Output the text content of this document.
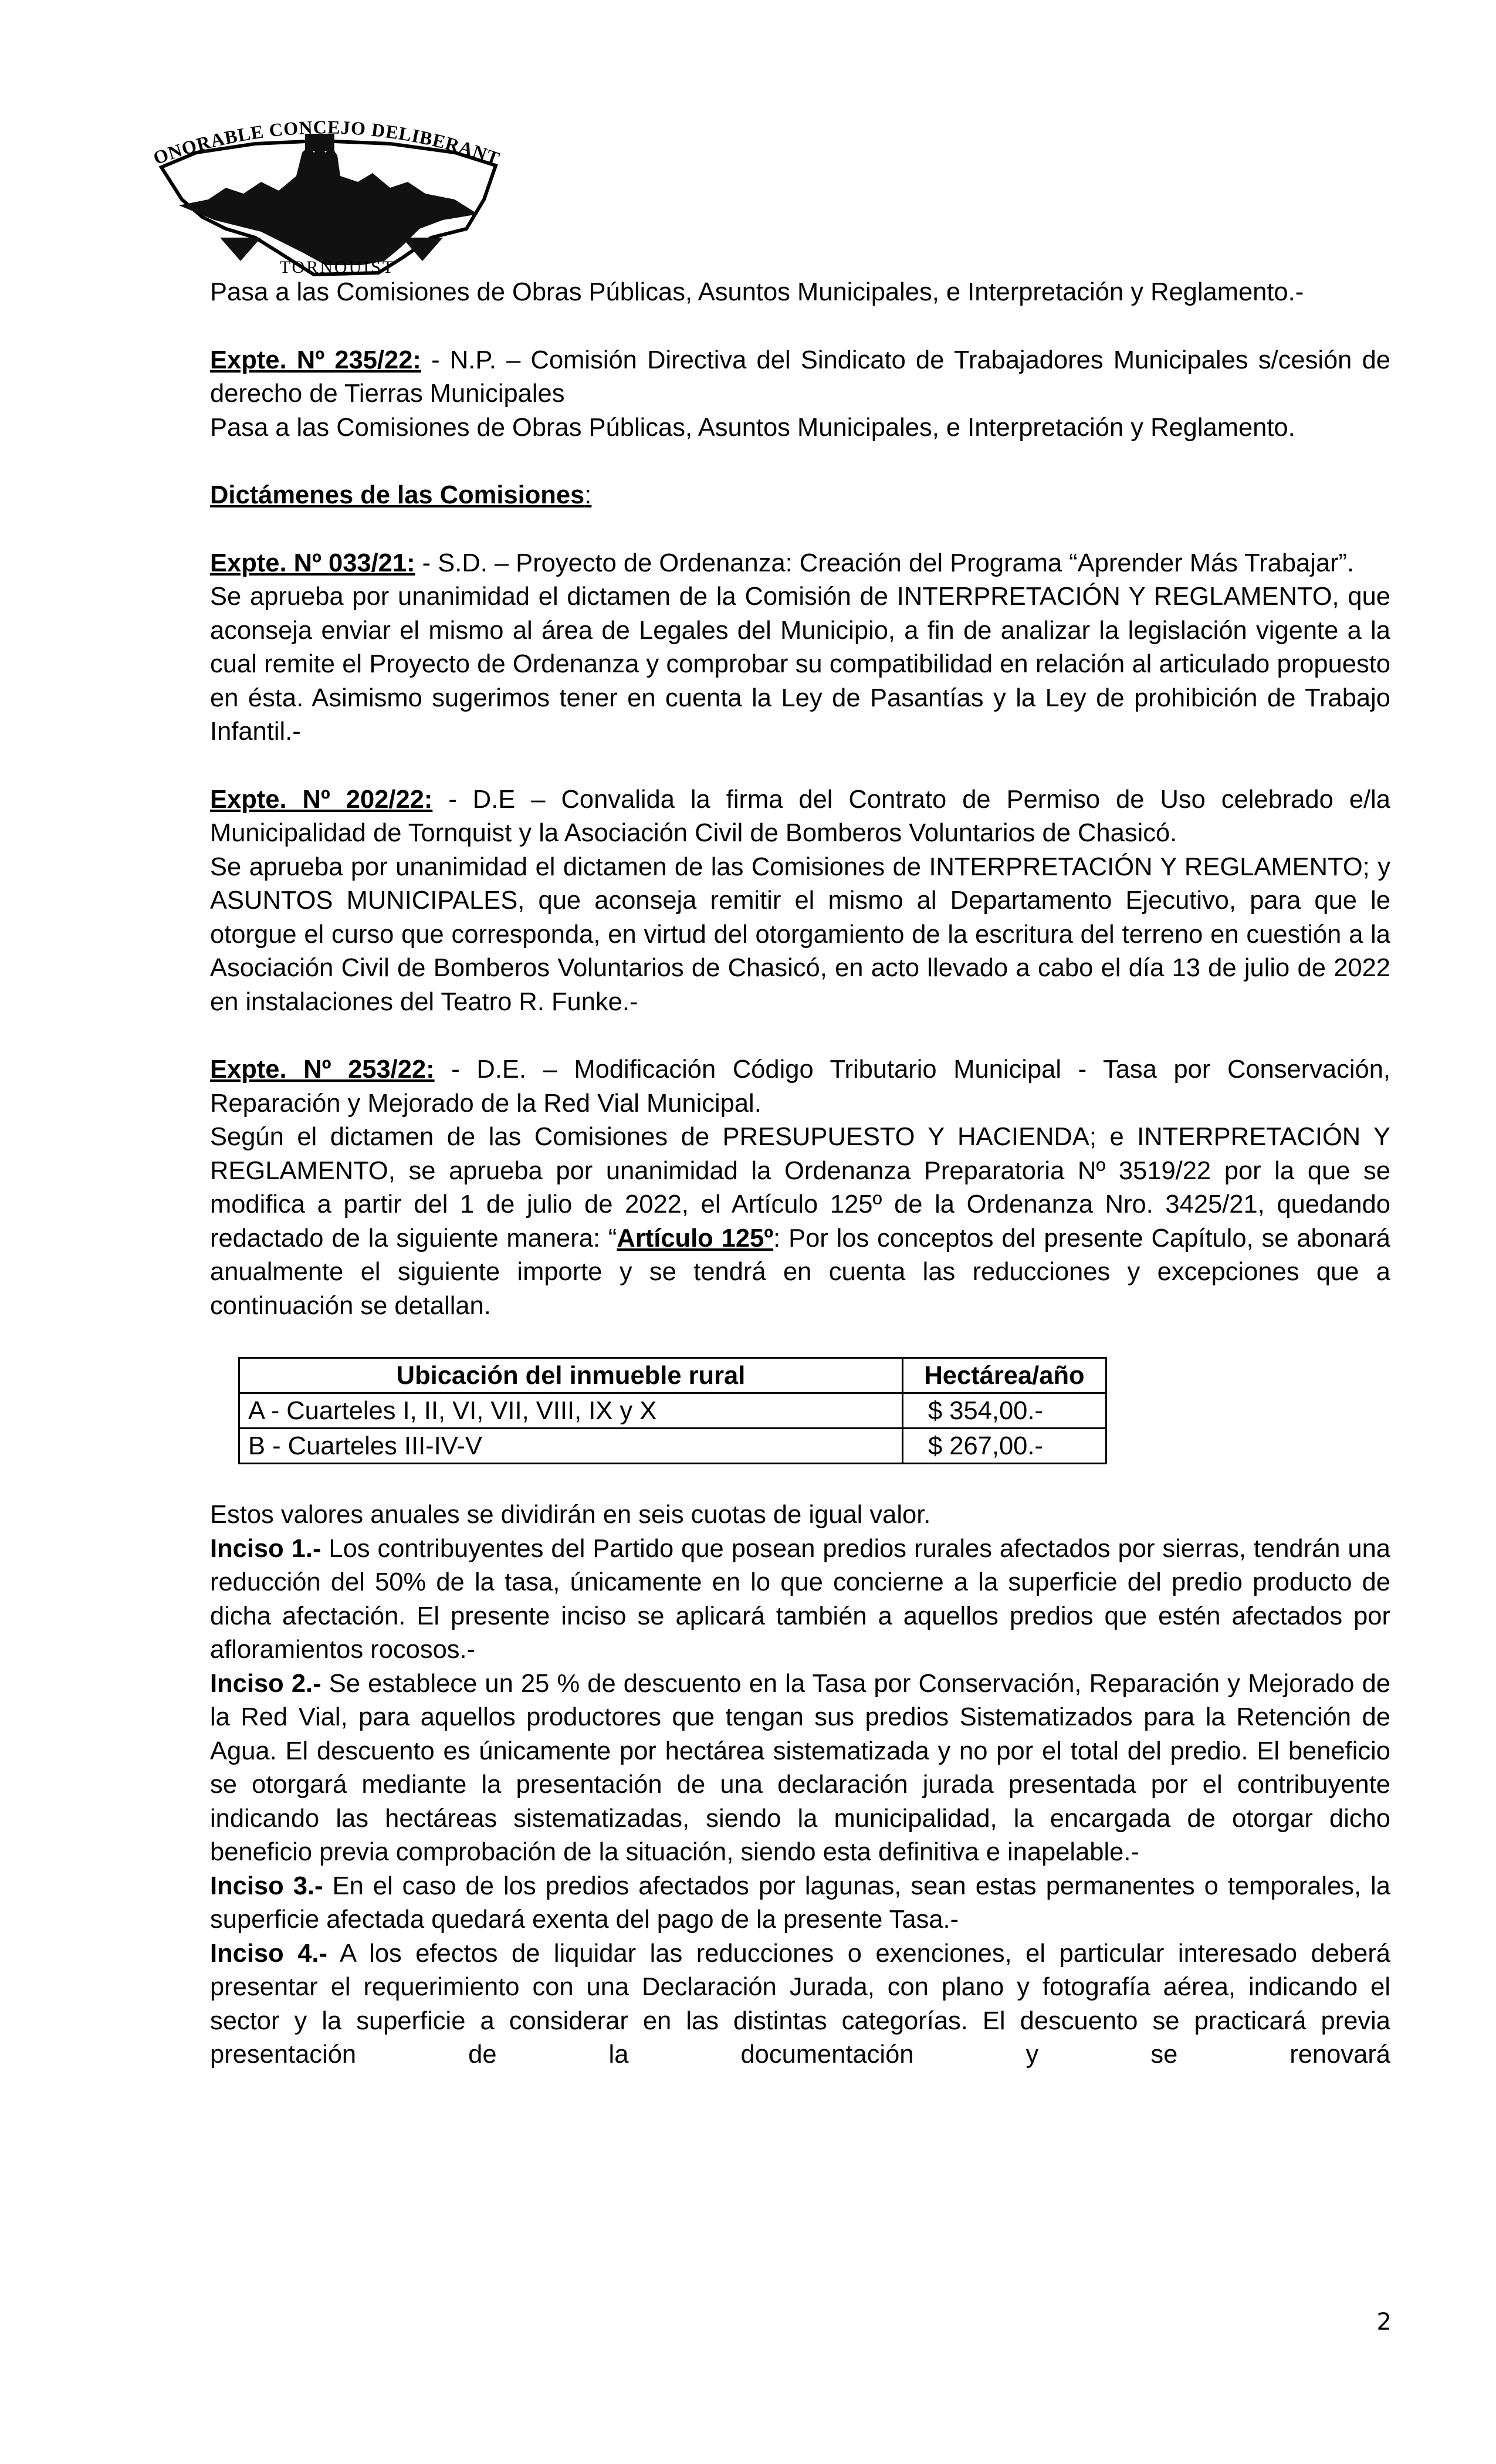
ONORABLE CONCEJO DELIBERANT
TORNQUIST

Pasa a las Comisiones de Obras Públicas, Asuntos Municipales, e Interpretación y Reglamento.-

Expte. Nº 235/22: - N.P. – Comisión Directiva del Sindicato de Trabajadores Municipales s/cesión de derecho de Tierras Municipales

Pasa a las Comisiones de Obras Públicas, Asuntos Municipales, e Interpretación y Reglamento.

Dictámenes de las Comisiones:

Expte. Nº 033/21: - S.D. – Proyecto de Ordenanza: Creación del Programa “Aprender Más Trabajar”.

Se aprueba por unanimidad el dictamen de la Comisión de INTERPRETACIÓN Y REGLAMENTO, que aconseja enviar el mismo al área de Legales del Municipio, a fin de analizar la legislación vigente a la cual remite el Proyecto de Ordenanza y comprobar su compatibilidad en relación al articulado propuesto en ésta. Asimismo sugerimos tener en cuenta la Ley de Pasantías y la Ley de prohibición de Trabajo Infantil.-

Expte. Nº 202/22: - D.E – Convalida la firma del Contrato de Permiso de Uso celebrado e/la Municipalidad de Tornquist y la Asociación Civil de Bomberos Voluntarios de Chasicó.

Se aprueba por unanimidad el dictamen de las Comisiones de INTERPRETACIÓN Y REGLAMENTO; y ASUNTOS MUNICIPALES, que aconseja remitir el mismo al Departamento Ejecutivo, para que le otorgue el curso que corresponda, en virtud del otorgamiento de la escritura del terreno en cuestión a la Asociación Civil de Bomberos Voluntarios de Chasicó, en acto llevado a cabo el día 13 de julio de 2022 en instalaciones del Teatro R. Funke.-

Expte. Nº 253/22: - D.E. – Modificación Código Tributario Municipal - Tasa por Conservación, Reparación y Mejorado de la Red Vial Municipal.

Según el dictamen de las Comisiones de PRESUPUESTO Y HACIENDA; e INTERPRETACIÓN Y REGLAMENTO, se aprueba por unanimidad la Ordenanza Preparatoria Nº 3519/22 por la que se modifica a partir del 1 de julio de 2022, el Artículo 125º de la Ordenanza Nro. 3425/21, quedando redactado de la siguiente manera: “Artículo 125º: Por los conceptos del presente Capítulo, se abonará anualmente el siguiente importe y se tendrá en cuenta las reducciones y excepciones que a continuación se detallan.

Ubicación del inmueble rural	Hectárea/año
A - Cuarteles I, II, VI, VII, VIII, IX y X	$ 354,00.-
B - Cuarteles III-IV-V	$ 267,00.-

Estos valores anuales se dividirán en seis cuotas de igual valor.

Inciso 1.- Los contribuyentes del Partido que posean predios rurales afectados por sierras, tendrán una reducción del 50% de la tasa, únicamente en lo que concierne a la superficie del predio producto de dicha afectación. El presente inciso se aplicará también a aquellos predios que estén afectados por afloramientos rocosos.-

Inciso 2.- Se establece un 25 % de descuento en la Tasa por Conservación, Reparación y Mejorado de la Red Vial, para aquellos productores que tengan sus predios Sistematizados para la Retención de Agua. El descuento es únicamente por hectárea sistematizada y no por el total del predio. El beneficio se otorgará mediante la presentación de una declaración jurada presentada por el contribuyente indicando las hectáreas sistematizadas, siendo la municipalidad, la encargada de otorgar dicho beneficio previa comprobación de la situación, siendo esta definitiva e inapelable.-

Inciso 3.- En el caso de los predios afectados por lagunas, sean estas permanentes o temporales, la superficie afectada quedará exenta del pago de la presente Tasa.-

Inciso 4.- A los efectos de liquidar las reducciones o exenciones, el particular interesado deberá presentar el requerimiento con una Declaración Jurada, con plano y fotografía aérea, indicando el sector y la superficie a considerar en las distintas categorías. El descuento se practicará previa presentación de la documentación y se renovará

2
